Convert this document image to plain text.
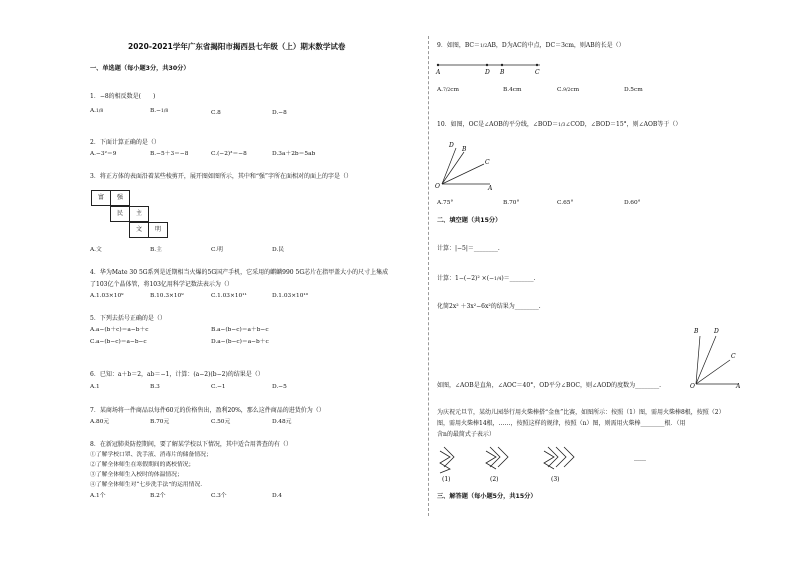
2020-2021学年广东省揭阳市揭西县七年级（上）期末数学试卷
一、单选题（每小题3分，共30分）
1．−8的相反数是(　　)
A.1/8	B.−1/8	C.8	D.−8
2．下面计算正确的是（）
A.−3²＝9	B.−5＋3＝−8	C.(−2)³＝−8	D.3a＋2b＝5ab
3．将正方体的表面沿着某些棱剪开，展开图如图所示，其中和“强”字所在面相对的面上的字是（）
富	强
民	主
文	明
A.文	B.主	C.明	D.民
4．华为Mate 30 5G系列是近期相当火爆的5G国产手机，它采用的麒麟990 5G芯片在指甲盖大小的尺寸上集成
了103亿个晶体管，将103亿用科学记数法表示为（）
A.1.03×10⁹	B.10.3×10⁹	C.1.03×10¹¹	D.1.03×10¹⁰
5．下列去括号正确的是（）
A.a−(b＋c)＝a−b＋c	B.a−(b−c)＝a＋b−c
C.a−(b−c)＝a−b−c	D.a−(b−c)＝a−b＋c
6．已知：a＋b＝2，ab＝−1，计算：(a−2)(b−2)的结果是（）
A.1	B.3	C.−1	D.−5
7．某商场将一件商品以每件60元的价格售出，盈利20%，那么这件商品的进货价为（）
A.80元	B.70元	C.50元	D.48元
8．在新冠肺炎防控期间，要了解某学校以下情况，其中适合用普查的有（）
①了解学校口罩、洗手液、消毒片的储备情况；
②了解全体师生在寒假期间的离校情况；
③了解全体师生入校时的体温情况；
④了解全体师生对“七步洗手法”的运用情况.
A.1个	B.2个	C.3个	D.4
9．如图，BC＝1/2AB，D为AC的中点，DC＝3cm，则AB的长是（）
A	D B	C
A.7/2cm	B.4cm	C.9/2cm	D.5cm
10．如图，OC是∠AOB的平分线，∠BOD＝1/3∠COD，∠BOD＝15°，则∠AOB等于（）
D
B
C
O	A
A.75°	B.70°	C.65°	D.60°
二、填空题（共15分）
计算：|−5|＝________.
计算：1−(−2)² ×(−1/4)＝________.
化简2x² ＋3x²−6x²的结果为________.
B	D
C
O	A
如图，∠AOB是直角，∠AOC＝40°，OD平分∠BOC，则∠AOD的度数为________.
为庆祝元旦节，某幼儿园举行用火柴棒搭“金鱼”比赛，如图所示：按照（1）图，需用火柴棒8根，按照（2）
图，需用火柴棒14根，……，按照这样的规律，按照（n）图，则需用火柴棒________根．（用
含n的最简式子表示）
(1)	(2)	(3)
……
三、解答题（每小题5分，共15分）
